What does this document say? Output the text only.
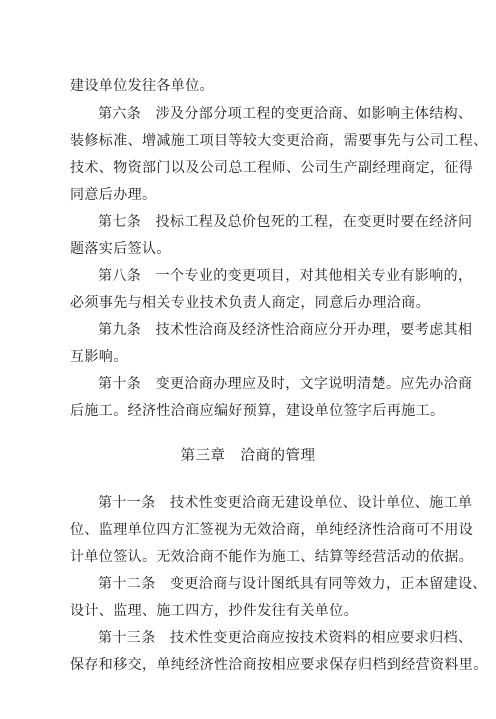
建设单位发往各单位。
第六条　涉及分部分项工程的变更洽商、如影响主体结构、
装修标准、增减施工项目等较大变更洽商，需要事先与公司工程、
技术、物资部门以及公司总工程师、公司生产副经理商定，征得
同意后办理。
第七条　投标工程及总价包死的工程，在变更时要在经济问
题落实后签认。
第八条　一个专业的变更项目，对其他相关专业有影响的，
必须事先与相关专业技术负责人商定，同意后办理洽商。
第九条　技术性洽商及经济性洽商应分开办理，要考虑其相
互影响。
第十条　变更洽商办理应及时，文字说明清楚。应先办洽商
后施工。经济性洽商应编好预算，建设单位签字后再施工。
第三章　洽商的管理
第十一条　技术性变更洽商无建设单位、设计单位、施工单
位、监理单位四方汇签视为无效洽商，单纯经济性洽商可不用设
计单位签认。无效洽商不能作为施工、结算等经营活动的依据。
第十二条　变更洽商与设计图纸具有同等效力，正本留建设、
设计、监理、施工四方，抄件发往有关单位。
第十三条　技术性变更洽商应按技术资料的相应要求归档、
保存和移交，单纯经济性洽商按相应要求保存归档到经营资料里。
